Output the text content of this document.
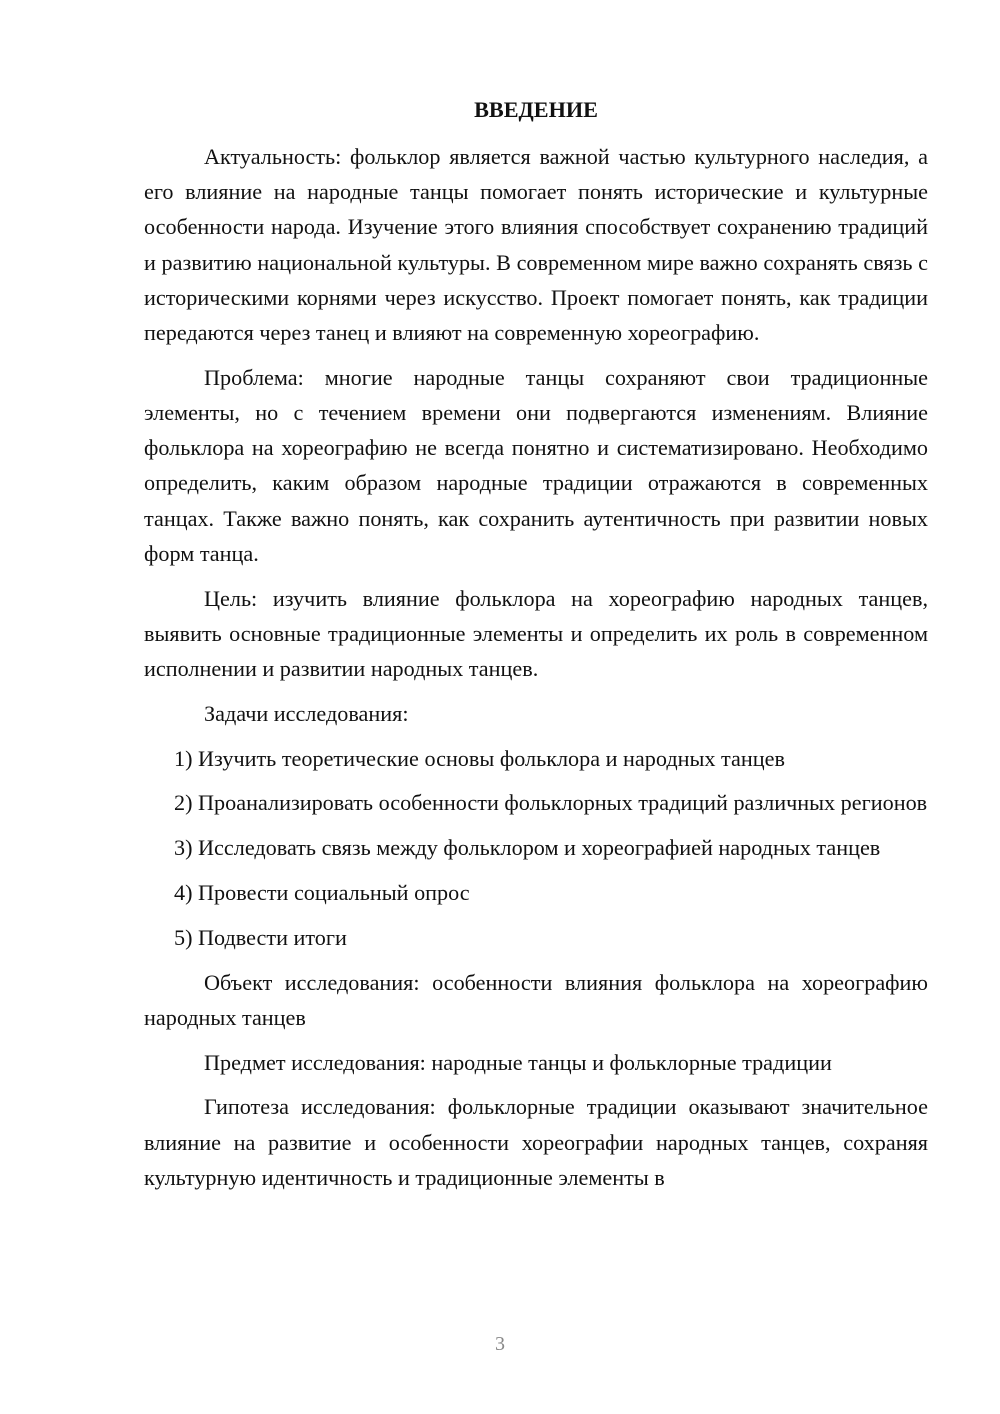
ВВЕДЕНИЕ

Актуальность: фольклор является важной частью культурного наследия, а его влияние на народные танцы помогает понять исторические и культурные особенности народа. Изучение этого влияния способствует сохранению традиций и развитию национальной культуры. В современном мире важно сохранять связь с историческими корнями через искусство. Проект помогает понять, как традиции передаются через танец и влияют на современную хореографию.

Проблема: многие народные танцы сохраняют свои традиционные элементы, но с течением времени они подвергаются изменениям. Влияние фольклора на хореографию не всегда понятно и систематизировано. Необходимо определить, каким образом народные традиции отражаются в современных танцах. Также важно понять, как сохранить аутентичность при развитии новых форм танца.

Цель: изучить влияние фольклора на хореографию народных танцев, выявить основные традиционные элементы и определить их роль в современном исполнении и развитии народных танцев.

Задачи исследования:

1) Изучить теоретические основы фольклора и народных танцев

2) Проанализировать особенности фольклорных традиций различных регионов

3) Исследовать связь между фольклором и хореографией народных танцев

4) Провести социальный опрос

5) Подвести итоги

Объект исследования: особенности влияния фольклора на хореографию народных танцев

Предмет исследования: народные танцы и фольклорные традиции

Гипотеза исследования: фольклорные традиции оказывают значительное влияние на развитие и особенности хореографии народных танцев, сохраняя культурную идентичность и традиционные элементы в

3
